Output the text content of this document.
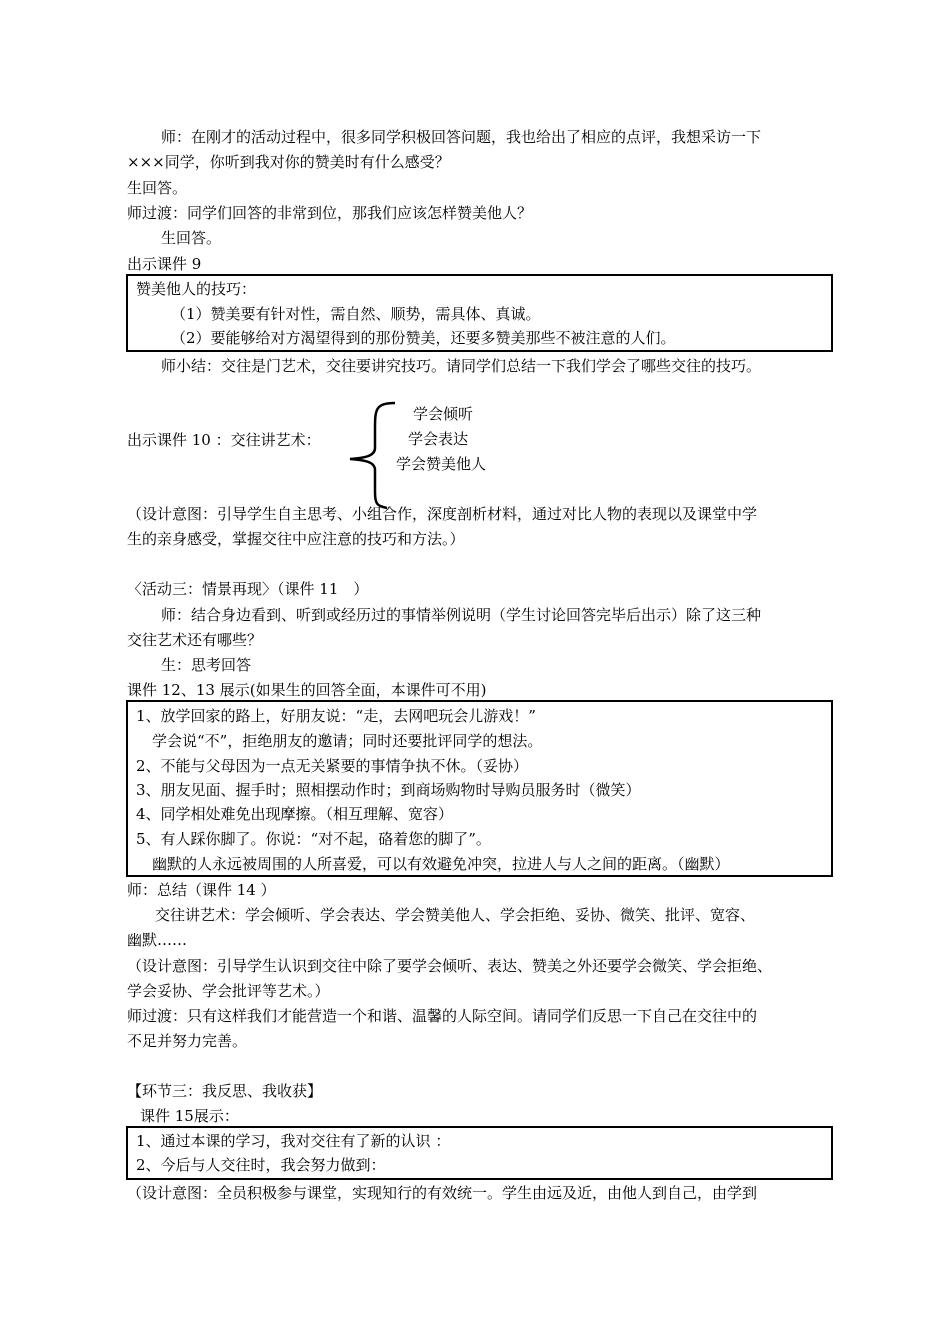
师：在刚才的活动过程中，很多同学积极回答问题，我也给出了相应的点评，我想采访一下
×××同学，你听到我对你的赞美时有什么感受？
生回答。
师过渡：同学们回答的非常到位，那我们应该怎样赞美他人？
生回答。
出示课件 9
赞美他人的技巧：
（1）赞美要有针对性，需自然、顺势，需具体、真诚。
（2）要能够给对方渴望得到的那份赞美，还要多赞美那些不被注意的人们。
师小结：交往是门艺术，交往要讲究技巧。请同学们总结一下我们学会了哪些交往的技巧。
出示课件 10 ：交往讲艺术：
学会倾听
学会表达
学会赞美他人
（设计意图：引导学生自主思考、小组合作，深度剖析材料，通过对比人物的表现以及课堂中学
生的亲身感受，掌握交往中应注意的技巧和方法。）
〈活动三：情景再现〉（课件 11　）
师：结合身边看到、听到或经历过的事情举例说明（学生讨论回答完毕后出示）除了这三种
交往艺术还有哪些？
生：思考回答
课件 12、13 展示(如果生的回答全面，本课件可不用)
1、放学回家的路上，好朋友说：“走，去网吧玩会儿游戏！”
学会说“不”，拒绝朋友的邀请；同时还要批评同学的想法。
2、不能与父母因为一点无关紧要的事情争执不休。（妥协）
3、朋友见面、握手时；照相摆动作时；到商场购物时导购员服务时（微笑）
4、同学相处难免出现摩擦。（相互理解、宽容）
5、有人踩你脚了。你说：“对不起，硌着您的脚了”。
幽默的人永远被周围的人所喜爱，可以有效避免冲突，拉进人与人之间的距离。（幽默）
师：总结（课件 14 ）
交往讲艺术：学会倾听、学会表达、学会赞美他人、学会拒绝、妥协、微笑、批评、宽容、
幽默……
（设计意图：引导学生认识到交往中除了要学会倾听、表达、赞美之外还要学会微笑、学会拒绝、
学会妥协、学会批评等艺术。）
师过渡：只有这样我们才能营造一个和谐、温馨的人际空间。请同学们反思一下自己在交往中的
不足并努力完善。
【环节三：我反思、我收获】
课件 15展示：
1、通过本课的学习，我对交往有了新的认识 ：
2、今后与人交往时，我会努力做到：
（设计意图：全员积极参与课堂，实现知行的有效统一。学生由远及近，由他人到自己，由学到
